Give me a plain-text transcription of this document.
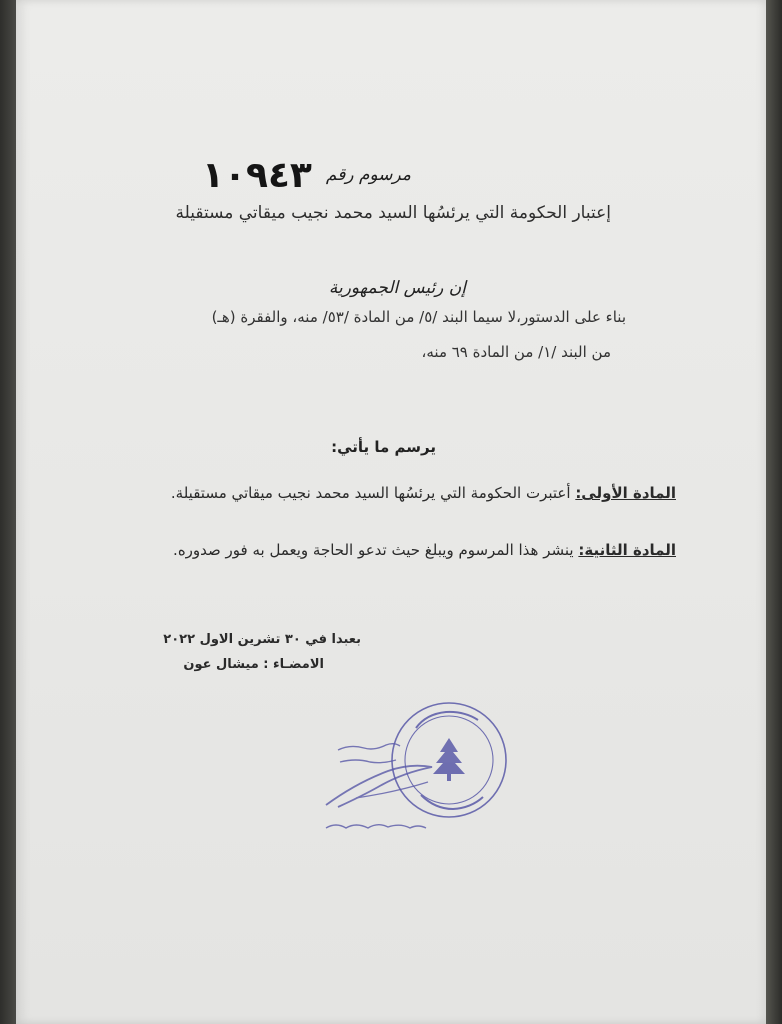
مرسوم رقم
١٠٩٤٣
إعتبار الحكومة التي يرئسُها السيد محمد نجيب ميقاتي مستقيلة
إن رئيس الجمهورية
بناء على الدستور،لا سيما البند /٥/ من المادة /٥٣/ منه، والفقرة (هـ)
من البند /١/ من المادة ٦٩ منه،
يرسم ما يأتي:
المادة الأولى: أعتبرت الحكومة التي يرئسُها السيد محمد نجيب ميقاتي مستقيلة.
المادة الثانية: ينشر هذا المرسوم ويبلغ حيث تدعو الحاجة ويعمل به فور صدوره.
بعبدا في ٣٠ تشرين الاول ٢٠٢٢
الامضـاء : ميشال عون
